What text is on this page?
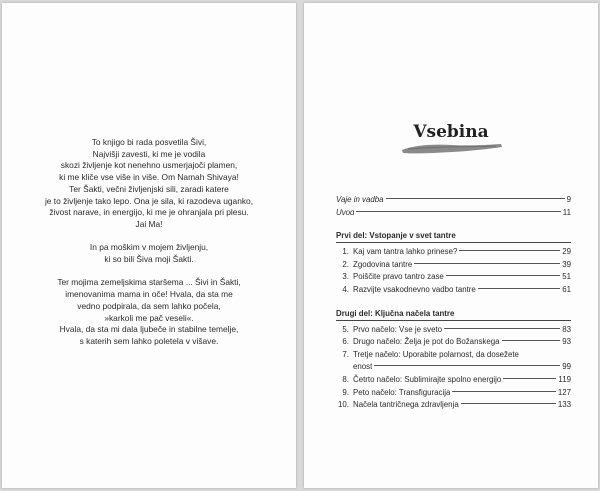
To knjigo bi rada posvetila Šivi,
Najvišji zavesti, ki me je vodila
skozi življenje kot nenehno usmerjajoči plamen,
ki me kliče vse više in više. Om Namah Shivaya!
Ter Šakti, večni življenjski sili, zaradi katere
je to življenje tako lepo. Ona je sila, ki razodeva uganko,
živost narave, in energijo, ki me je ohranjala pri plesu.
Jai Ma!

In pa moškim v mojem življenju,
ki so bili Šiva moji Šakti.

Ter mojima zemeljskima staršema ... Šivi in Šakti,
imenovanima mama in oče! Hvala, da sta me
vedno podpirala, da sem lahko počela,
»karkoli me pač veseli«.
Hvala, da sta mi dala ljubeče in stabilne temelje,
s katerih sem lahko poletela v višave.

Vsebina
Vaje in vadba	9
Uvod	11
Prvi del: Vstopanje v svet tantre
1. Kaj vam tantra lahko prinese?	29
2. Zgodovina tantre	39
3. Poiščite pravo tantro zase	51
4. Razvijte vsakodnevno vadbo tantre	61
Drugi del: Ključna načela tantre
5. Prvo načelo: Vse je sveto	83
6. Drugo načelo: Želja je pot do Božanskega	93
7. Tretje načelo: Uporabite polarnost, da dosežete
enost	99
8. Četrto načelo: Sublimirajte spolno energijo	119
9. Peto načelo: Transfiguracija	127
10. Načela tantričnega zdravljenja	133
